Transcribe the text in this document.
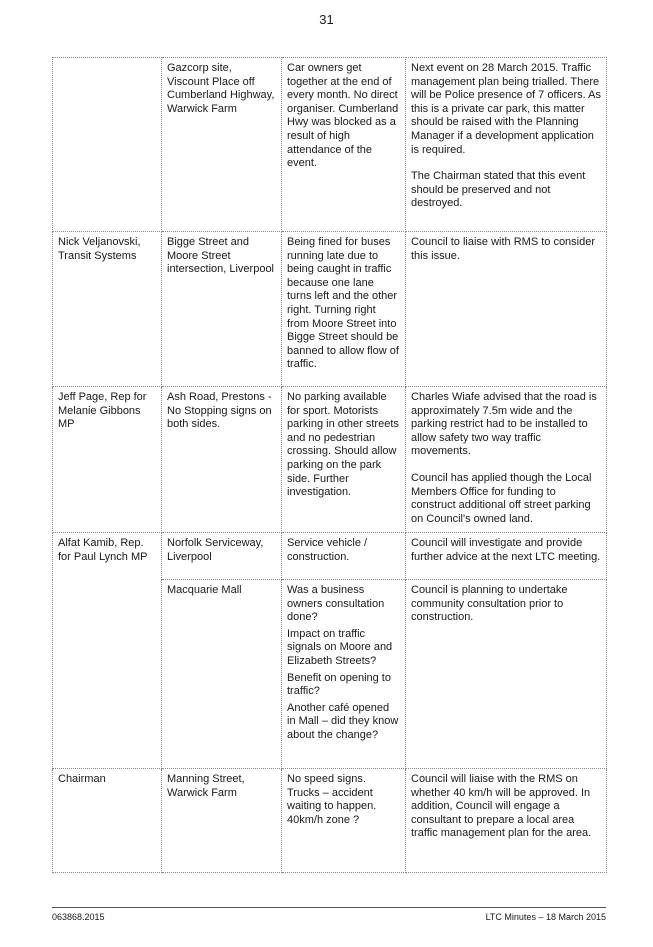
31
	Gazcorp site, Viscount Place off Cumberland Highway, Warwick Farm	Car owners get together at the end of every month. No direct organiser. Cumberland Hwy was blocked as a result of high attendance of the event.	Next event on 28 March 2015. Traffic management plan being trialled. There will be Police presence of 7 officers. As this is a private car park, this matter should be raised with the Planning Manager if a development application is required.

The Chairman stated that this event should be preserved and not destroyed.

Nick Veljanovski, Transit Systems	Bigge Street and Moore Street intersection, Liverpool	Being fined for buses running late due to being caught in traffic because one lane turns left and the other right. Turning right from Moore Street into Bigge Street should be banned to allow flow of traffic.	Council to liaise with RMS to consider this issue.

Jeff Page, Rep for Melanie Gibbons MP	Ash Road, Prestons - No Stopping signs on both sides.	No parking available for sport. Motorists parking in other streets and no pedestrian crossing. Should allow parking on the park side. Further investigation.	Charles Wiafe advised that the road is approximately 7.5m wide and the parking restrict had to be installed to allow safety two way traffic movements.

Council has applied though the Local Members Office for funding to construct additional off street parking on Council's owned land.

Alfat Kamib, Rep. for Paul Lynch MP	Norfolk Serviceway, Liverpool	Service vehicle / construction.	Council will investigate and provide further advice at the next LTC meeting.

	Macquarie Mall	Was a business owners consultation done?

Impact on traffic signals on Moore and Elizabeth Streets?

Benefit on opening to traffic?

Another café opened in Mall – did they know about the change?	Council is planning to undertake community consultation prior to construction.

Chairman	Manning Street, Warwick Farm	No speed signs. Trucks – accident waiting to happen. 40km/h zone ?	Council will liaise with the RMS on whether 40 km/h will be approved. In addition, Council will engage a consultant to prepare a local area traffic management plan for the area.

063868.2015	LTC Minutes – 18 March 2015
